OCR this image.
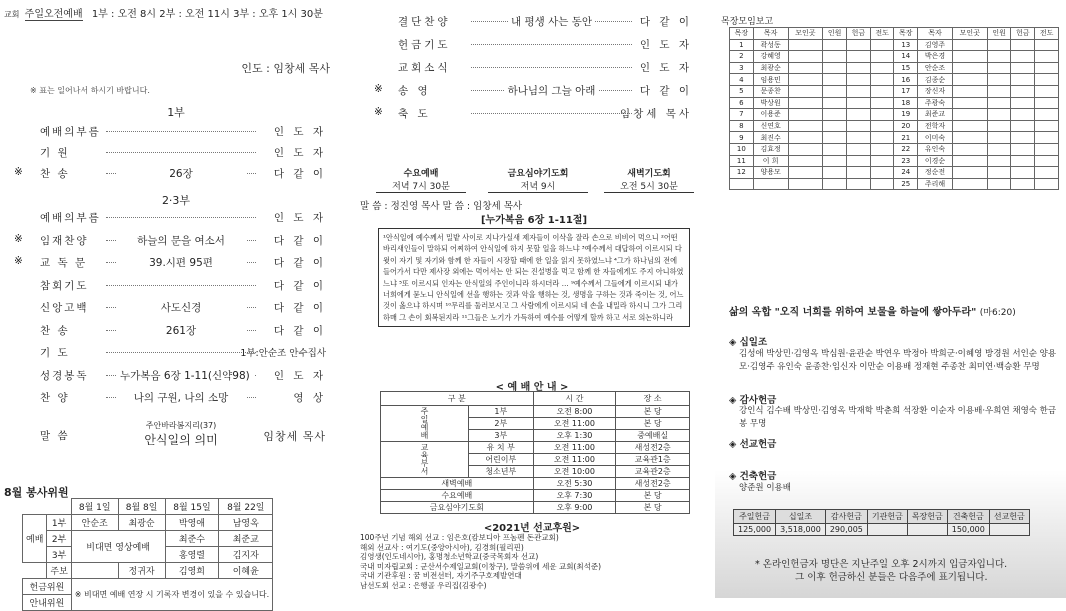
교회 주일오전예배 1부 : 오전 8시 2부 : 오전 11시 3부 : 오후 1시 30분
인도 : 임창세 목사
※ 표는 일어나서 하시기 바랍니다.
1부
예배의부름	인 도 자
기 원	인 도 자
※ 찬 송	26장	다 같 이
2·3부
예배의부름	인 도 자
※ 임재찬양	하늘의 문을 여소서	다 같 이
※ 교 독 문	39.시편 95편	다 같 이
참회기도	다 같 이
신앙고백	사도신경	다 같 이
찬 송	261장	다 같 이
기 도	1부:안순조 안수집사
성경봉독	누가복음 6장 1-11(신약98) 인 도 자
찬 양	나의 구원, 나의 소망	영 상
말 씀
주안바라봄지리(37)
안식일의 의미	임창세 목사
8월 봉사위원
		8월 1일	8월 8일	8월 15일	8월 22일
예배	1부	안순조	최광순	박영애	남영옥
	2부	비대면 영상예배		최준수	최준교
	3부			홍영렬	김지자
	주보		정귀자	김영희	이혜윤
헌금위원		※ 비대면 예배 연장 시 기록자 변경이 있을 수 있습니다.			
안내위원					
결단찬양	내 평생 사는 동안	다 같 이
헌금기도	인 도 자
교회소식	인 도 자
※ 송 영	하나님의 그늘 아래	다 같 이
※ 축 도	임창세 목사
수요예배
저녁 7시 30분
금요심야기도회
저녁 9시
새벽기도회
오전 5시 30분
말 씀 : 정진영 목사 말 씀 : 임창세 목사
[누가복음 6장 1-11절]
¹안식일에 예수께서 밀밭 사이로 지나가실새 제자들이 이삭을 잘라 손으로 비비어 먹으니 ²어떤 바리새인들이 말하되 어찌하여 안식일에 하지 못할 일을 하느냐 ³예수께서 대답하여 이르시되 다윗이 자기 및 자기와 함께 한 자들이 시장할 때에 한 일을 읽지 못하였느냐 ⁴그가 하나님의 전에 들어가서 다만 제사장 외에는 먹어서는 안 되는 진설병을 먹고 함께 한 자들에게도 주지 아니하였느냐 ⁵또 이르시되 인자는 안식일의 주인이니라 하시더라 … ⁹예수께서 그들에게 이르시되 내가 너희에게 묻노니 안식일에 선을 행하는 것과 악을 행하는 것, 생명을 구하는 것과 죽이는 것, 어느 것이 옳으냐 하시며 ¹⁰무리를 둘러보시고 그 사람에게 이르시되 네 손을 내밀라 하시니 그가 그리하매 그 손이 회복된지라 ¹¹그들은 노기가 가득하여 예수를 어떻게 할까 하고 서로 의논하니라
< 예 배 안 내 >
구 분		시 간	장 소
주일예배	1부	오전 8:00	본 당
	2부	오전 11:00	본 당
	3부	오후 1:30	중예배실
교육부서	유 치 부	오전 11:00	새성전2층
	어린이부	오전 11:00	교육관1층
	청소년부	오전 10:00	교육관2층
새벽예배		오전 5:30	새성전2층
수요예배		오후 7:30	본 당
금요심야기도회		오후 9:00	본 당
<2021년 선교후원>
100주년 기념 해외 선교 : 임은호(캄보디아 프놈펜 돈관교회)
해외 선교사 : 여기도(중앙아시아), 김경희(필리핀)
김영생(인도네시아), 홍명청소년학교(중국목회자 선교)
국내 미자립교회 : 군산서수제일교회(이창구), 말씀위에 세운 교회(최석준)
국내 기관후원 : 꿈 비전선터, 자기주구호제발연대
남선도회 선교 : 은행골 우리집(김광수)
목장모임보고
목장	목자	모인곳	인원	헌금	전도	목장	목자	모인곳	인원	헌금	전도
1	곽성동					13	김영주				
2	강혜영					14	박은경				
3	최광순					15	안순조				
4	임용민					16	김종순				
5	문종찬					17	장신자				
6	박상원					18	주광숙				
7	이용준					19	최준교				
8	신연호					20	전학자				
9	최진수					21	이미숙				
10	김효정					22	유인숙				
11	이 희					23	이경순				
12	양용모					24	정순전				
						25	주리해				
삶의 옥합 "오직 너희를 위하여 보물을 하늘에 쌓아두라" (마6:20)
◈ 십일조
김성애 박상민·김영옥 박심원·윤관순 박연우 박정아 박희군·이혜영 방경원 서인순 양용모·김영주 유인숙 윤종찬·임신자 이만순 이용배 정재현 주종찬 최미연·백승환 무명
◈ 감사헌금
강인식 김수배 박상민·김영옥 박재학 박춘희 석장환 이순자 이용배·우희연 채영숙 한금봉 무명
◈ 선교헌금
◈ 건축헌금
양준원 이용배
주일헌금	십일조	감사헌금	기관헌금	목장헌금	건축헌금	선교헌금
125,000	3,518,000	290,005			150,000	
* 온라인헌금자 명단은 지난주일 오후 2시까지 입금자입니다.
그 이후 헌금하신 분들은 다음주에 표기됩니다.
